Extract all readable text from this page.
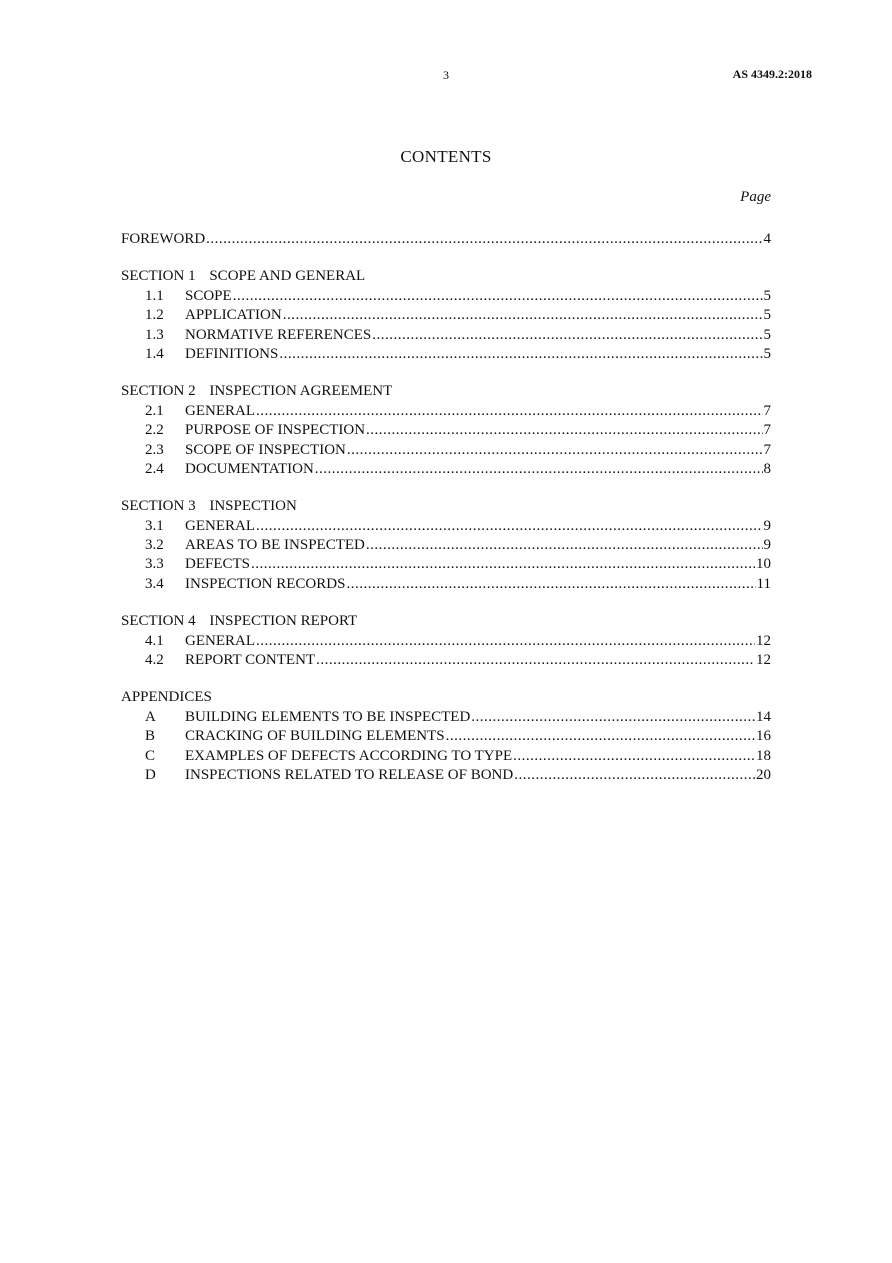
3	AS 4349.2:2018
CONTENTS
Page
FOREWORD .....	4
SECTION 1 SCOPE AND GENERAL
1.1	SCOPE .....	5
1.2	APPLICATION .....	5
1.3	NORMATIVE REFERENCES .....	5
1.4	DEFINITIONS .....	5
SECTION 2 INSPECTION AGREEMENT
2.1	GENERAL .....	7
2.2	PURPOSE OF INSPECTION .....	7
2.3	SCOPE OF INSPECTION .....	7
2.4	DOCUMENTATION .....	8
SECTION 3 INSPECTION
3.1	GENERAL .....	9
3.2	AREAS TO BE INSPECTED .....	9
3.3	DEFECTS .....	10
3.4	INSPECTION RECORDS .....	11
SECTION 4 INSPECTION REPORT
4.1	GENERAL .....	12
4.2	REPORT CONTENT .....	12
APPENDICES
A	BUILDING ELEMENTS TO BE INSPECTED .....	14
B	CRACKING OF BUILDING ELEMENTS .....	16
C	EXAMPLES OF DEFECTS ACCORDING TO TYPE .....	18
D	INSPECTIONS RELATED TO RELEASE OF BOND .....	20
